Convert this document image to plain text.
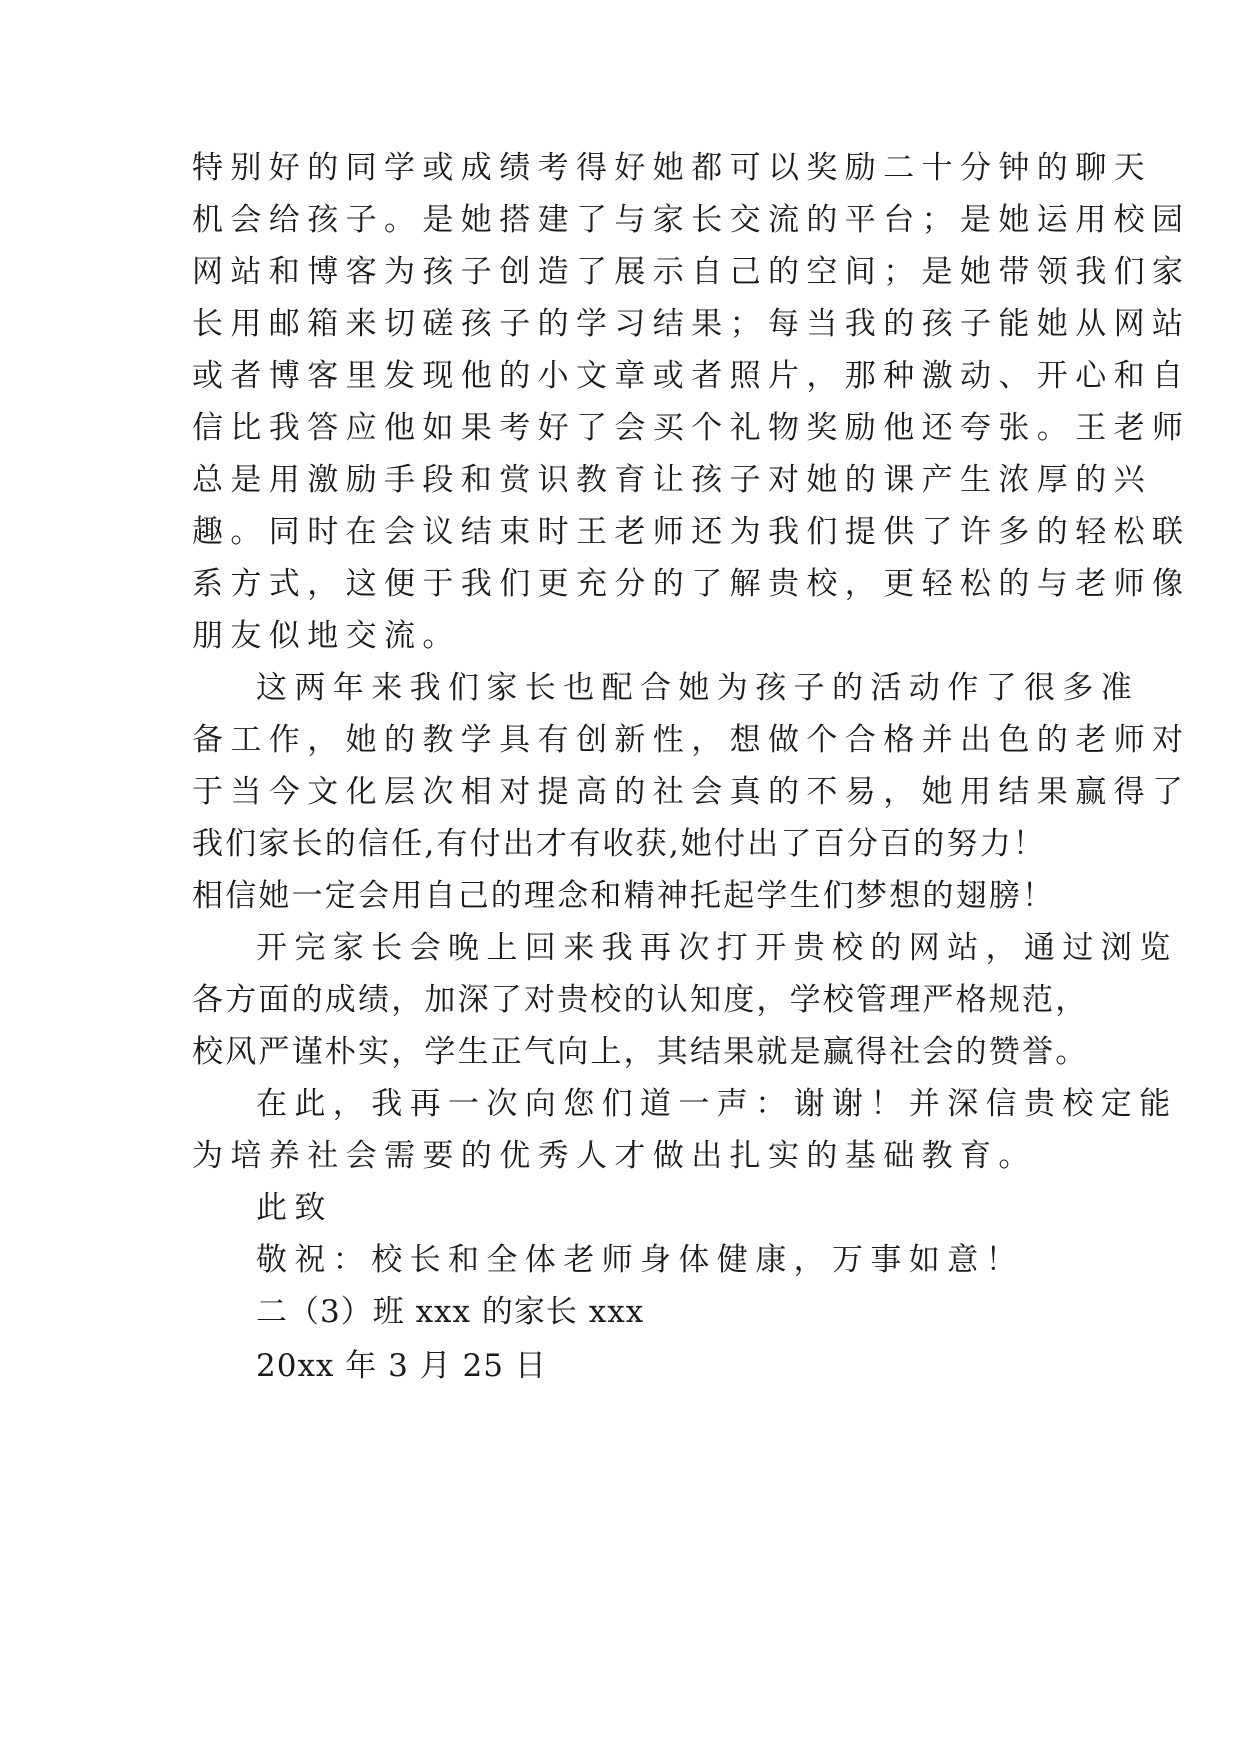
特别好的同学或成绩考得好她都可以奖励二十分钟的聊天
机会给孩子。是她搭建了与家长交流的平台；是她运用校园
网站和博客为孩子创造了展示自己的空间；是她带领我们家
长用邮箱来切磋孩子的学习结果；每当我的孩子能她从网站
或者博客里发现他的小文章或者照片，那种激动、开心和自
信比我答应他如果考好了会买个礼物奖励他还夸张。王老师
总是用激励手段和赏识教育让孩子对她的课产生浓厚的兴
趣。同时在会议结束时王老师还为我们提供了许多的轻松联
系方式，这便于我们更充分的了解贵校，更轻松的与老师像
朋友似地交流。
这两年来我们家长也配合她为孩子的活动作了很多准
备工作，她的教学具有创新性，想做个合格并出色的老师对
于当今文化层次相对提高的社会真的不易，她用结果赢得了
我们家长的信任,有付出才有收获,她付出了百分百的努力！
相信她一定会用自己的理念和精神托起学生们梦想的翅膀！
开完家长会晚上回来我再次打开贵校的网站，通过浏览
各方面的成绩，加深了对贵校的认知度，学校管理严格规范，
校风严谨朴实，学生正气向上，其结果就是赢得社会的赞誉。
在此，我再一次向您们道一声：谢谢！并深信贵校定能
为培养社会需要的优秀人才做出扎实的基础教育。
此致
敬祝：校长和全体老师身体健康，万事如意！
二（3）班 xxx 的家长 xxx
20xx 年 3 月 25 日
